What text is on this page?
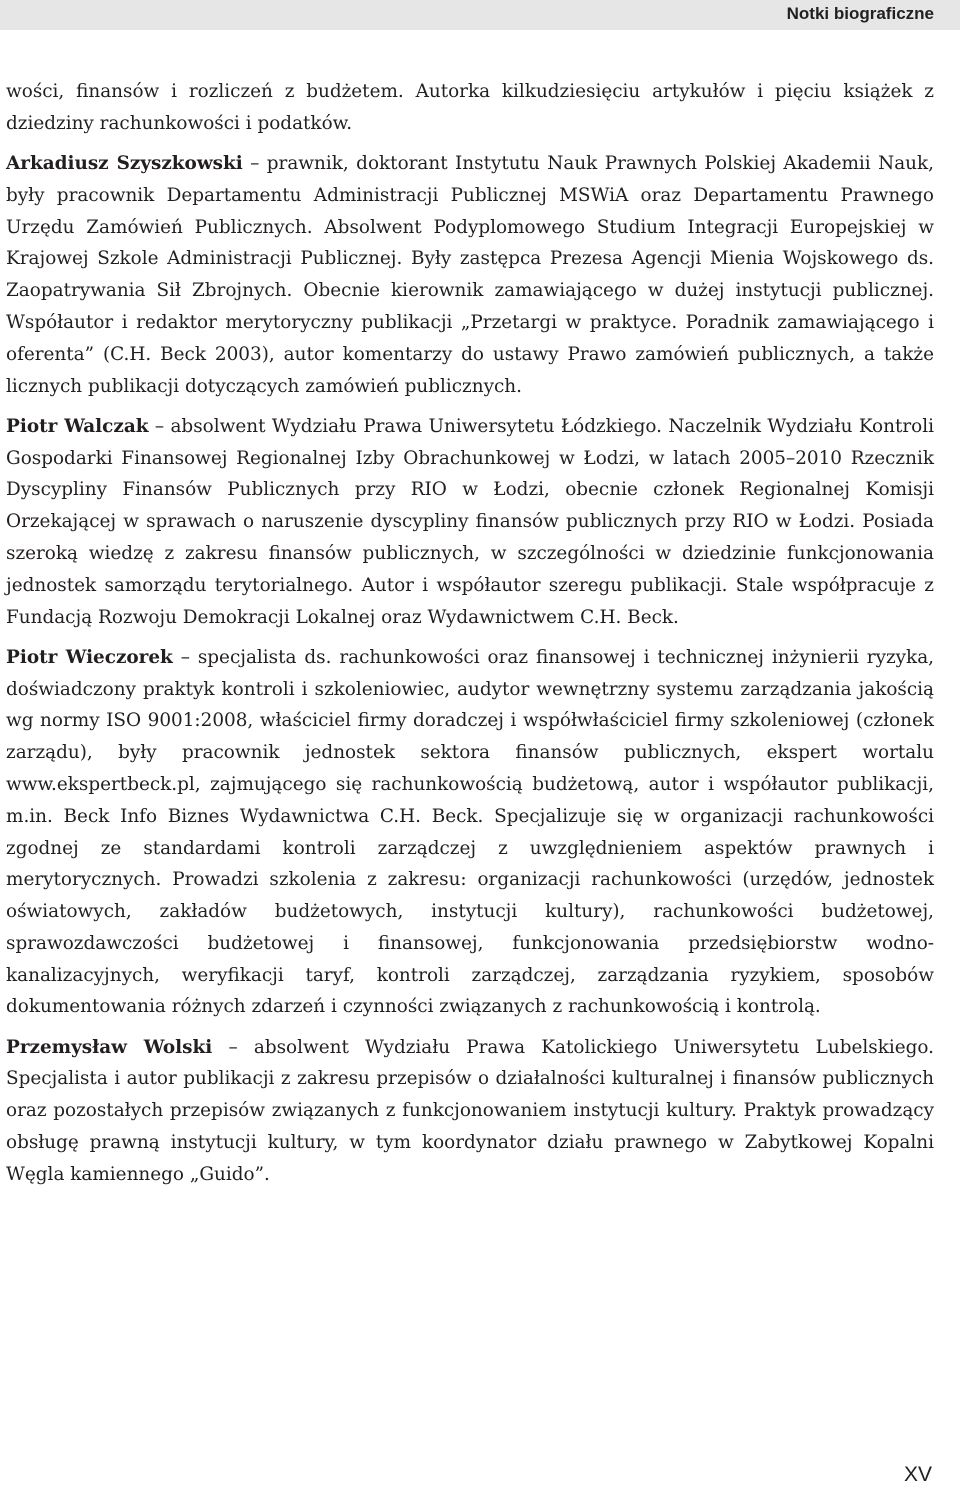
Notki biograficzne

wości, finansów i rozliczeń z budżetem. Autorka kilkudziesięciu artykułów i pięciu książek z dziedziny rachunkowości i podatków.

Arkadiusz Szyszkowski – prawnik, doktorant Instytutu Nauk Prawnych Polskiej Akademii Nauk, były pracownik Departamentu Administracji Publicznej MSWiA oraz Departamentu Prawnego Urzędu Zamówień Publicznych. Absolwent Podyplomowego Studium Integracji Europejskiej w Krajowej Szkole Administracji Publicznej. Były zastępca Prezesa Agencji Mienia Wojskowego ds. Zaopatrywania Sił Zbrojnych. Obecnie kierownik zamawiającego w dużej instytucji publicznej. Współautor i redaktor merytoryczny publikacji „Przetargi w praktyce. Poradnik zamawiającego i oferenta” (C.H. Beck 2003), autor komentarzy do ustawy Prawo zamówień publicznych, a także licznych publikacji dotyczących zamówień publicznych.

Piotr Walczak – absolwent Wydziału Prawa Uniwersytetu Łódzkiego. Naczelnik Wydziału Kontroli Gospodarki Finansowej Regionalnej Izby Obrachunkowej w Łodzi, w latach 2005–2010 Rzecznik Dyscypliny Finansów Publicznych przy RIO w Łodzi, obecnie członek Regionalnej Komisji Orzekającej w sprawach o naruszenie dyscypliny finansów publicznych przy RIO w Łodzi. Posiada szeroką wiedzę z zakresu finansów publicznych, w szczególności w dziedzinie funkcjonowania jednostek samorządu terytorialnego. Autor i współautor szeregu publikacji. Stale współpracuje z Fundacją Rozwoju Demokracji Lokalnej oraz Wydawnictwem C.H. Beck.

Piotr Wieczorek – specjalista ds. rachunkowości oraz finansowej i technicznej inżynierii ryzyka, doświadczony praktyk kontroli i szkoleniowiec, audytor wewnętrzny systemu zarządzania jakością wg normy ISO 9001:2008, właściciel firmy doradczej i współwłaściciel firmy szkoleniowej (członek zarządu), były pracownik jednostek sektora finansów publicznych, ekspert wortalu www.ekspertbeck.pl, zajmującego się rachunkowością budżetową, autor i współautor publikacji, m.in. Beck Info Biznes Wydawnictwa C.H. Beck. Specjalizuje się w organizacji rachunkowości zgodnej ze standardami kontroli zarządczej z uwzględnieniem aspektów prawnych i merytorycznych. Prowadzi szkolenia z zakresu: organizacji rachunkowości (urzędów, jednostek oświatowych, zakładów budżetowych, instytucji kultury), rachunkowości budżetowej, sprawozdawczości budżetowej i finansowej, funkcjonowania przedsiębiorstw wodno-kanalizacyjnych, weryfikacji taryf, kontroli zarządczej, zarządzania ryzykiem, sposobów dokumentowania różnych zdarzeń i czynności związanych z rachunkowością i kontrolą.

Przemysław Wolski – absolwent Wydziału Prawa Katolickiego Uniwersytetu Lubelskiego. Specjalista i autor publikacji z zakresu przepisów o działalności kulturalnej i finansów publicznych oraz pozostałych przepisów związanych z funkcjonowaniem instytucji kultury. Praktyk prowadzący obsługę prawną instytucji kultury, w tym koordynator działu prawnego w Zabytkowej Kopalni Węgla kamiennego „Guido”.

XV
